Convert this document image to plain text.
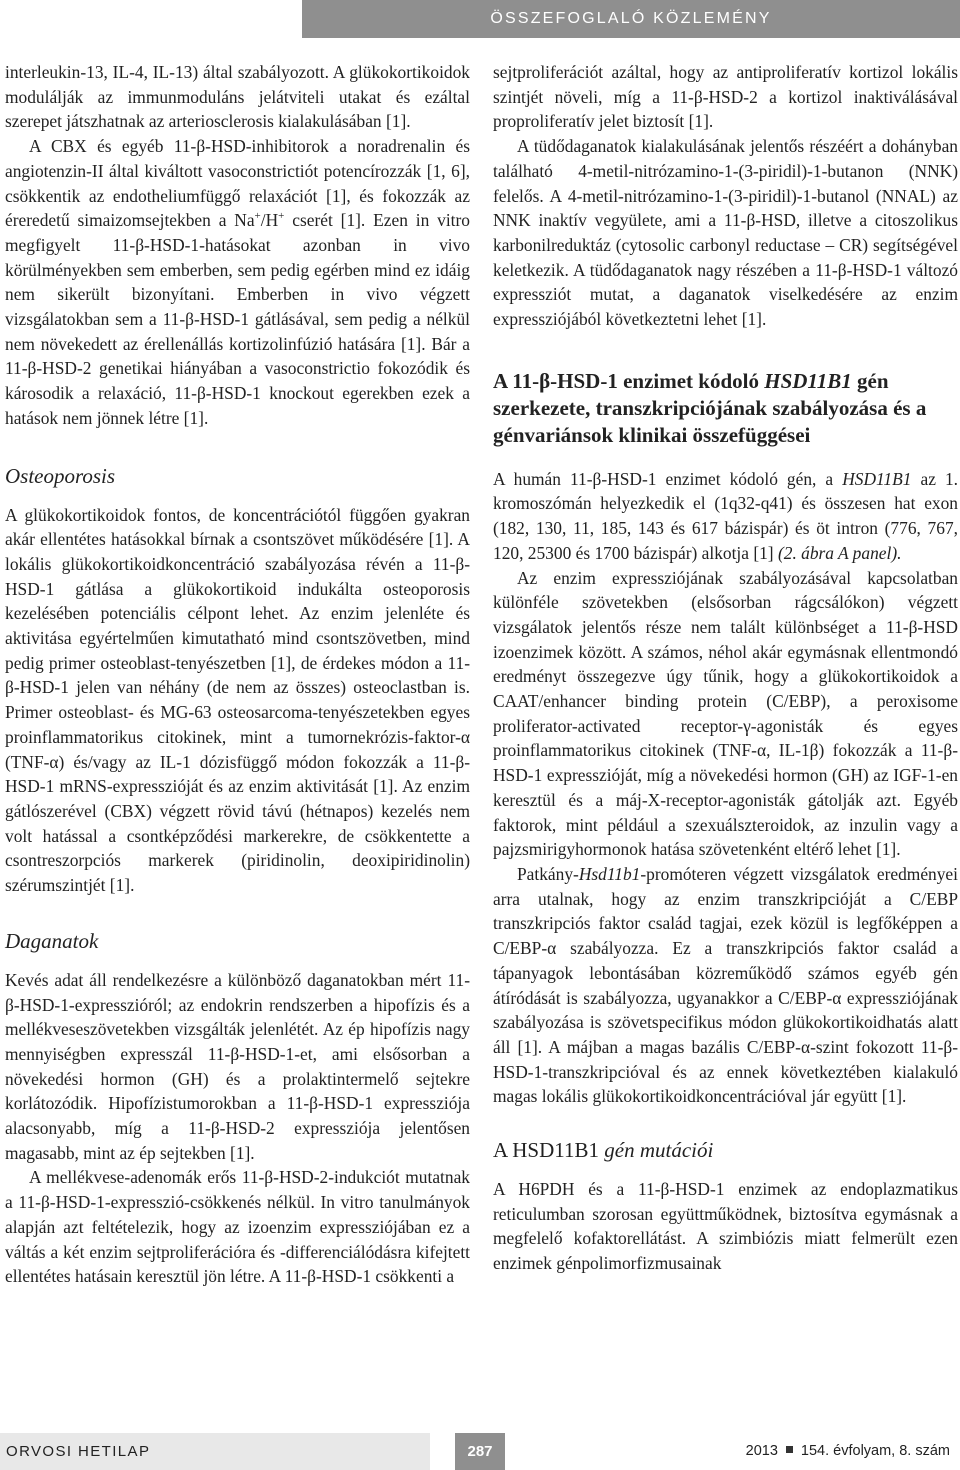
ÖSSZEFOGLALÓ KÖZLEMÉNY

interleukin-13, IL-4, IL-13) által szabályozott. A glükokortikoidok modulálják az immunmoduláns jelátviteli utakat és ezáltal szerepet játszhatnak az arteriosclerosis kialakulásában [1].

A CBX és egyéb 11-β-HSD-inhibitorok a noradrenalin és angiotenzin-II által kiváltott vasoconstrictiót potencírozzák [1, 6], csökkentik az endotheliumfüggő relaxációt [1], és fokozzák az éreredetű simaizomsejtekben a Na+/H+ cserét [1]. Ezen in vitro megfigyelt 11-β-HSD-1-hatásokat azonban in vivo körülményekben sem emberben, sem pedig egérben mind ez idáig nem sikerült bizonyítani. Emberben in vivo végzett vizsgálatokban sem a 11-β-HSD-1 gátlásával, sem pedig a nélkül nem növekedett az érellenállás kortizolinfúzió hatására [1]. Bár a 11-β-HSD-2 genetikai hiányában a vasoconstrictio fokozódik és károsodik a relaxáció, 11-β-HSD-1 knockout egerekben ezek a hatások nem jönnek létre [1].

Osteoporosis

A glükokortikoidok fontos, de koncentrációtól függően gyakran akár ellentétes hatásokkal bírnak a csontszövet működésére [1]. A lokális glükokortikoidkoncentráció szabályozása révén a 11-β-HSD-1 gátlása a glükokortikoid indukálta osteoporosis kezelésében potenciális célpont lehet. Az enzim jelenléte és aktivitása egyértelműen kimutatható mind csontszövetben, mind pedig primer osteoblast-tenyészetben [1], de érdekes módon a 11-β-HSD-1 jelen van néhány (de nem az összes) osteoclastban is. Primer osteoblast- és MG-63 osteosarcoma-tenyészetekben egyes proinflammatorikus citokinek, mint a tumornekrózis-faktor-α (TNF-α) és/vagy az IL-1 dózisfüggő módon fokozzák a 11-β-HSD-1 mRNS-expresszióját és az enzim aktivitását [1]. Az enzim gátlószerével (CBX) végzett rövid távú (hétnapos) kezelés nem volt hatással a csontképződési markerekre, de csökkentette a csontreszorpciós markerek (piridinolin, deoxipiridinolin) szérumszintjét [1].

Daganatok

Kevés adat áll rendelkezésre a különböző daganatokban mért 11-β-HSD-1-expresszióról; az endokrin rendszerben a hipofízis és a mellékveseszövetekben vizsgálták jelenlétét. Az ép hipofízis nagy mennyiségben expresszál 11-β-HSD-1-et, ami elsősorban a növekedési hormon (GH) és a prolaktintermelő sejtekre korlátozódik. Hipofízistumorokban a 11-β-HSD-1 expressziója alacsonyabb, míg a 11-β-HSD-2 expressziója jelentősen magasabb, mint az ép sejtekben [1].

A mellékvese-adenomák erős 11-β-HSD-2-indukciót mutatnak a 11-β-HSD-1-expresszió-csökkenés nélkül. In vitro tanulmányok alapján azt feltételezik, hogy az izoenzim expressziójában ez a váltás a két enzim sejtproliferációra és -differenciálódásra kifejtett ellentétes hatásain keresztül jön létre. A 11-β-HSD-1 csökkenti a

sejtproliferációt azáltal, hogy az antiproliferatív kortizol lokális szintjét növeli, míg a 11-β-HSD-2 a kortizol inaktiválásával proproliferatív jelet biztosít [1].

A tüdődaganatok kialakulásának jelentős részéért a dohányban található 4-metil-nitrózamino-1-(3-piridil)-1-butanon (NNK) felelős. A 4-metil-nitrózamino-1-(3-piridil)-1-butanol (NNAL) az NNK inaktív vegyülete, ami a 11-β-HSD, illetve a citoszolikus karbonilreduktáz (cytosolic carbonyl reductase – CR) segítségével keletkezik. A tüdődaganatok nagy részében a 11-β-HSD-1 változó expressziót mutat, a daganatok viselkedésére az enzim expressziójából következtetni lehet [1].

A 11-β-HSD-1 enzimet kódoló HSD11B1 gén szerkezete, transzkripciójának szabályozása és a génvariánsok klinikai összefüggései

A humán 11-β-HSD-1 enzimet kódoló gén, a HSD11B1 az 1. kromoszómán helyezkedik el (1q32-q41) és összesen hat exon (182, 130, 11, 185, 143 és 617 bázispár) és öt intron (776, 767, 120, 25300 és 1700 bázispár) alkotja [1] (2. ábra A panel).

Az enzim expressziójának szabályozásával kapcsolatban különféle szövetekben (elsősorban rágcsálókon) végzett vizsgálatok jelentős része nem talált különbséget a 11-β-HSD izoenzimek között. A számos, néhol akár egymásnak ellentmondó eredményt összegezve úgy tűnik, hogy a glükokortikoidok a CAAT/enhancer binding protein (C/EBP), a peroxisome proliferator-activated receptor-γ-agonisták és egyes proinflammatorikus citokinek (TNF-α, IL-1β) fokozzák a 11-β-HSD-1 expresszióját, míg a növekedési hormon (GH) az IGF-1-en keresztül és a máj-X-receptor-agonisták gátolják azt. Egyéb faktorok, mint például a szexuálszteroidok, az inzulin vagy a pajzsmirigyhormonok hatása szövetenként eltérő lehet [1].

Patkány-Hsd11b1-promóteren végzett vizsgálatok eredményei arra utalnak, hogy az enzim transzkripcióját a C/EBP transzkripciós faktor család tagjai, ezek közül is legfőképpen a C/EBP-α szabályozza. Ez a transzkripciós faktor család a tápanyagok lebontásában közreműködő számos egyéb gén átíródását is szabályozza, ugyanakkor a C/EBP-α expressziójának szabályozása is szövetspecifikus módon glükokortikoidhatás alatt áll [1]. A májban a magas bazális C/EBP-α-szint fokozott 11-β-HSD-1-transzkripcióval és az ennek következtében kialakuló magas lokális glükokortikoidkoncentrációval jár együtt [1].

A HSD11B1 gén mutációi

A H6PDH és a 11-β-HSD-1 enzimek az endoplazmatikus reticulumban szorosan együttműködnek, biztosítva egymásnak a megfelelő kofaktorellátást. A szimbiózis miatt felmerült ezen enzimek génpolimorfizmusainak

ORVOSI HETILAP	287	2013 154. évfolyam, 8. szám
